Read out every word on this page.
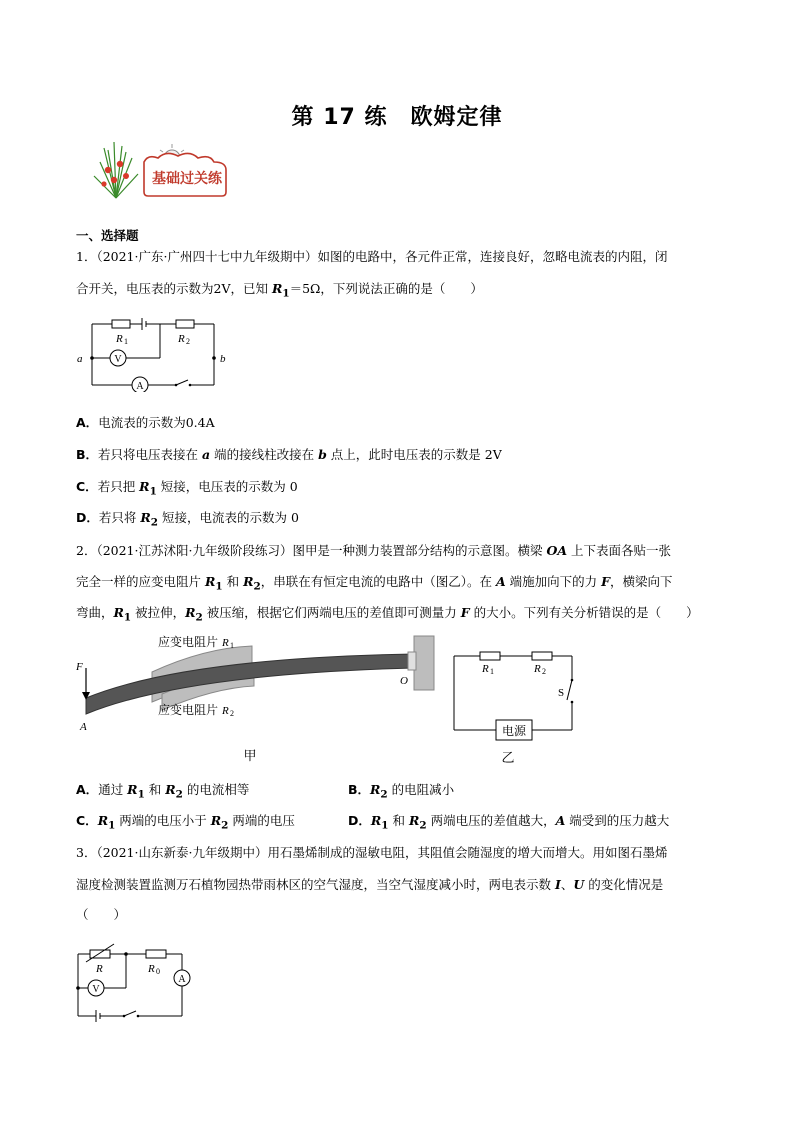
第 17 练　欧姆定律
基础过关练
一、选择题
1．（2021·广东·广州四十七中九年级期中）如图的电路中，各元件正常，连接良好，忽略电流表的内阻，闭
合开关，电压表的示数为2V，已知 $R_1=5\Omega$，下列说法正确的是（　　）
R 1	R 2
a	b
V
A
A．电流表的示数为0.4A
B．若只将电压表接在 a 端的接线柱改接在 b 点上，此时电压表的示数是 2V
C．若只把 $R_1$ 短接，电压表的示数为 0
D．若只将 $R_2$ 短接，电流表的示数为 0
2．（2021·江苏沭阳·九年级阶段练习）图甲是一种测力装置部分结构的示意图。横梁 OA 上下表面各贴一张
完全一样的应变电阻片 $R_1$ 和 $R_2$，串联在有恒定电流的电路中（图乙）。在 A 端施加向下的力 F，横梁向下
弯曲，$R_1$ 被拉伸，$R_2$ 被压缩，根据它们两端电压的差值即可测量力 F 的大小。下列有关分析错误的是（　　）
F
A
O
应变电阻片 R 1
应变电阻片 R 2
甲
R 1	R 2
S
电源
乙
A．通过 $R_1$ 和 $R_2$ 的电流相等	B．$R_2$ 的电阻减小
C．$R_1$ 两端的电压小于 $R_2$ 两端的电压	D．$R_1$ 和 $R_2$ 两端电压的差值越大，A 端受到的压力越大
3．（2021·山东新泰·九年级期中）用石墨烯制成的湿敏电阻，其阻值会随湿度的增大而增大。用如图石墨烯
湿度检测装置监测万石植物园热带雨林区的空气湿度，当空气湿度减小时，两电表示数 I、U 的变化情况是
（　　）
R	R 0
V
A
